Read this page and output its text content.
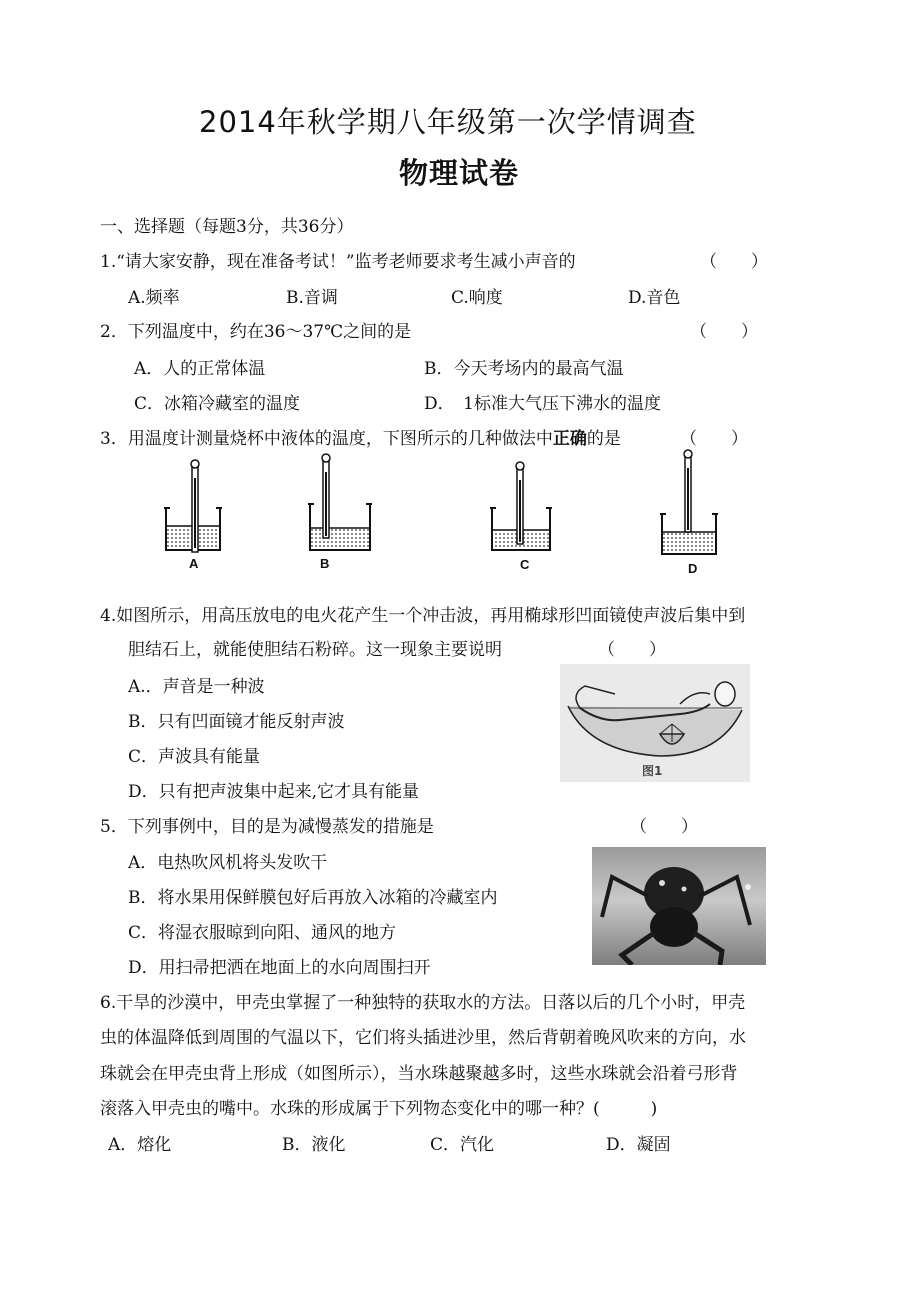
2014年秋学期八年级第一次学情调查
物理试卷
一、选择题（每题3分，共36分）
1.“请大家安静，现在准备考试！”监考老师要求考生减小声音的	（　　）
A.频率	B.音调	C.响度	D.音色
2．下列温度中，约在36～37℃之间的是	（　　）
A．人的正常体温	B．今天考场内的最高气温
C．冰箱冷藏室的温度	D．　1标准大气压下沸水的温度
3．用温度计测量烧杯中液体的温度，下图所示的几种做法中正确的是	（　　）
A	B	C	D
4.如图所示，用高压放电的电火花产生一个冲击波，再用椭球形凹面镜使声波后集中到
胆结石上，就能使胆结石粉碎。这一现象主要说明	（　　）
A.．声音是一种波
B．只有凹面镜才能反射声波
C．声波具有能量
D．只有把声波集中起来,它才具有能量
图1
5．下列事例中，目的是为减慢蒸发的措施是	（　　）
A．电热吹风机将头发吹干
B．将水果用保鲜膜包好后再放入冰箱的冷藏室内
C．将湿衣服晾到向阳、通风的地方
D．用扫帚把洒在地面上的水向周围扫开
6.干旱的沙漠中，甲壳虫掌握了一种独特的获取水的方法。日落以后的几个小时，甲壳
虫的体温降低到周围的气温以下，它们将头插进沙里，然后背朝着晚风吹来的方向，水
珠就会在甲壳虫背上形成（如图所示），当水珠越聚越多时，这些水珠就会沿着弓形背
滚落入甲壳虫的嘴中。水珠的形成属于下列物态变化中的哪一种？(　　　)
A．熔化	B．液化	C．汽化	D．凝固
